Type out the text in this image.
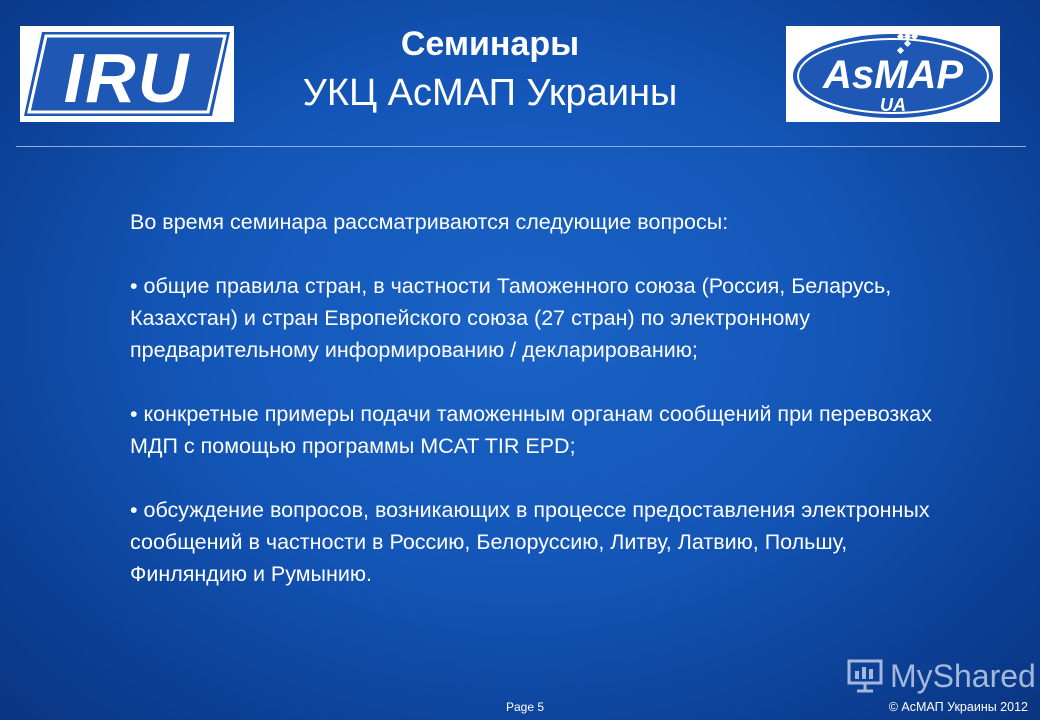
IRU	Семинары
УКЦ АсМАП Украины	AsMAP
UA

Во время семинара рассматриваются следующие вопросы:

• общие правила стран, в частности Таможенного союза (Россия, Беларусь, Казахстан) и стран Европейского союза (27 стран) по электронному предварительному информированию / декларированию;

• конкретные примеры подачи таможенным органам сообщений при перевозках МДП с помощью программы MCAT TIR EPD;

• обсуждение вопросов, возникающих в процессе предоставления электронных сообщений в частности в Россию, Белоруссию, Литву, Латвию, Польшу, Финляндию и Румынию.

MyShared
Page 5	© АсМАП Украины 2012
